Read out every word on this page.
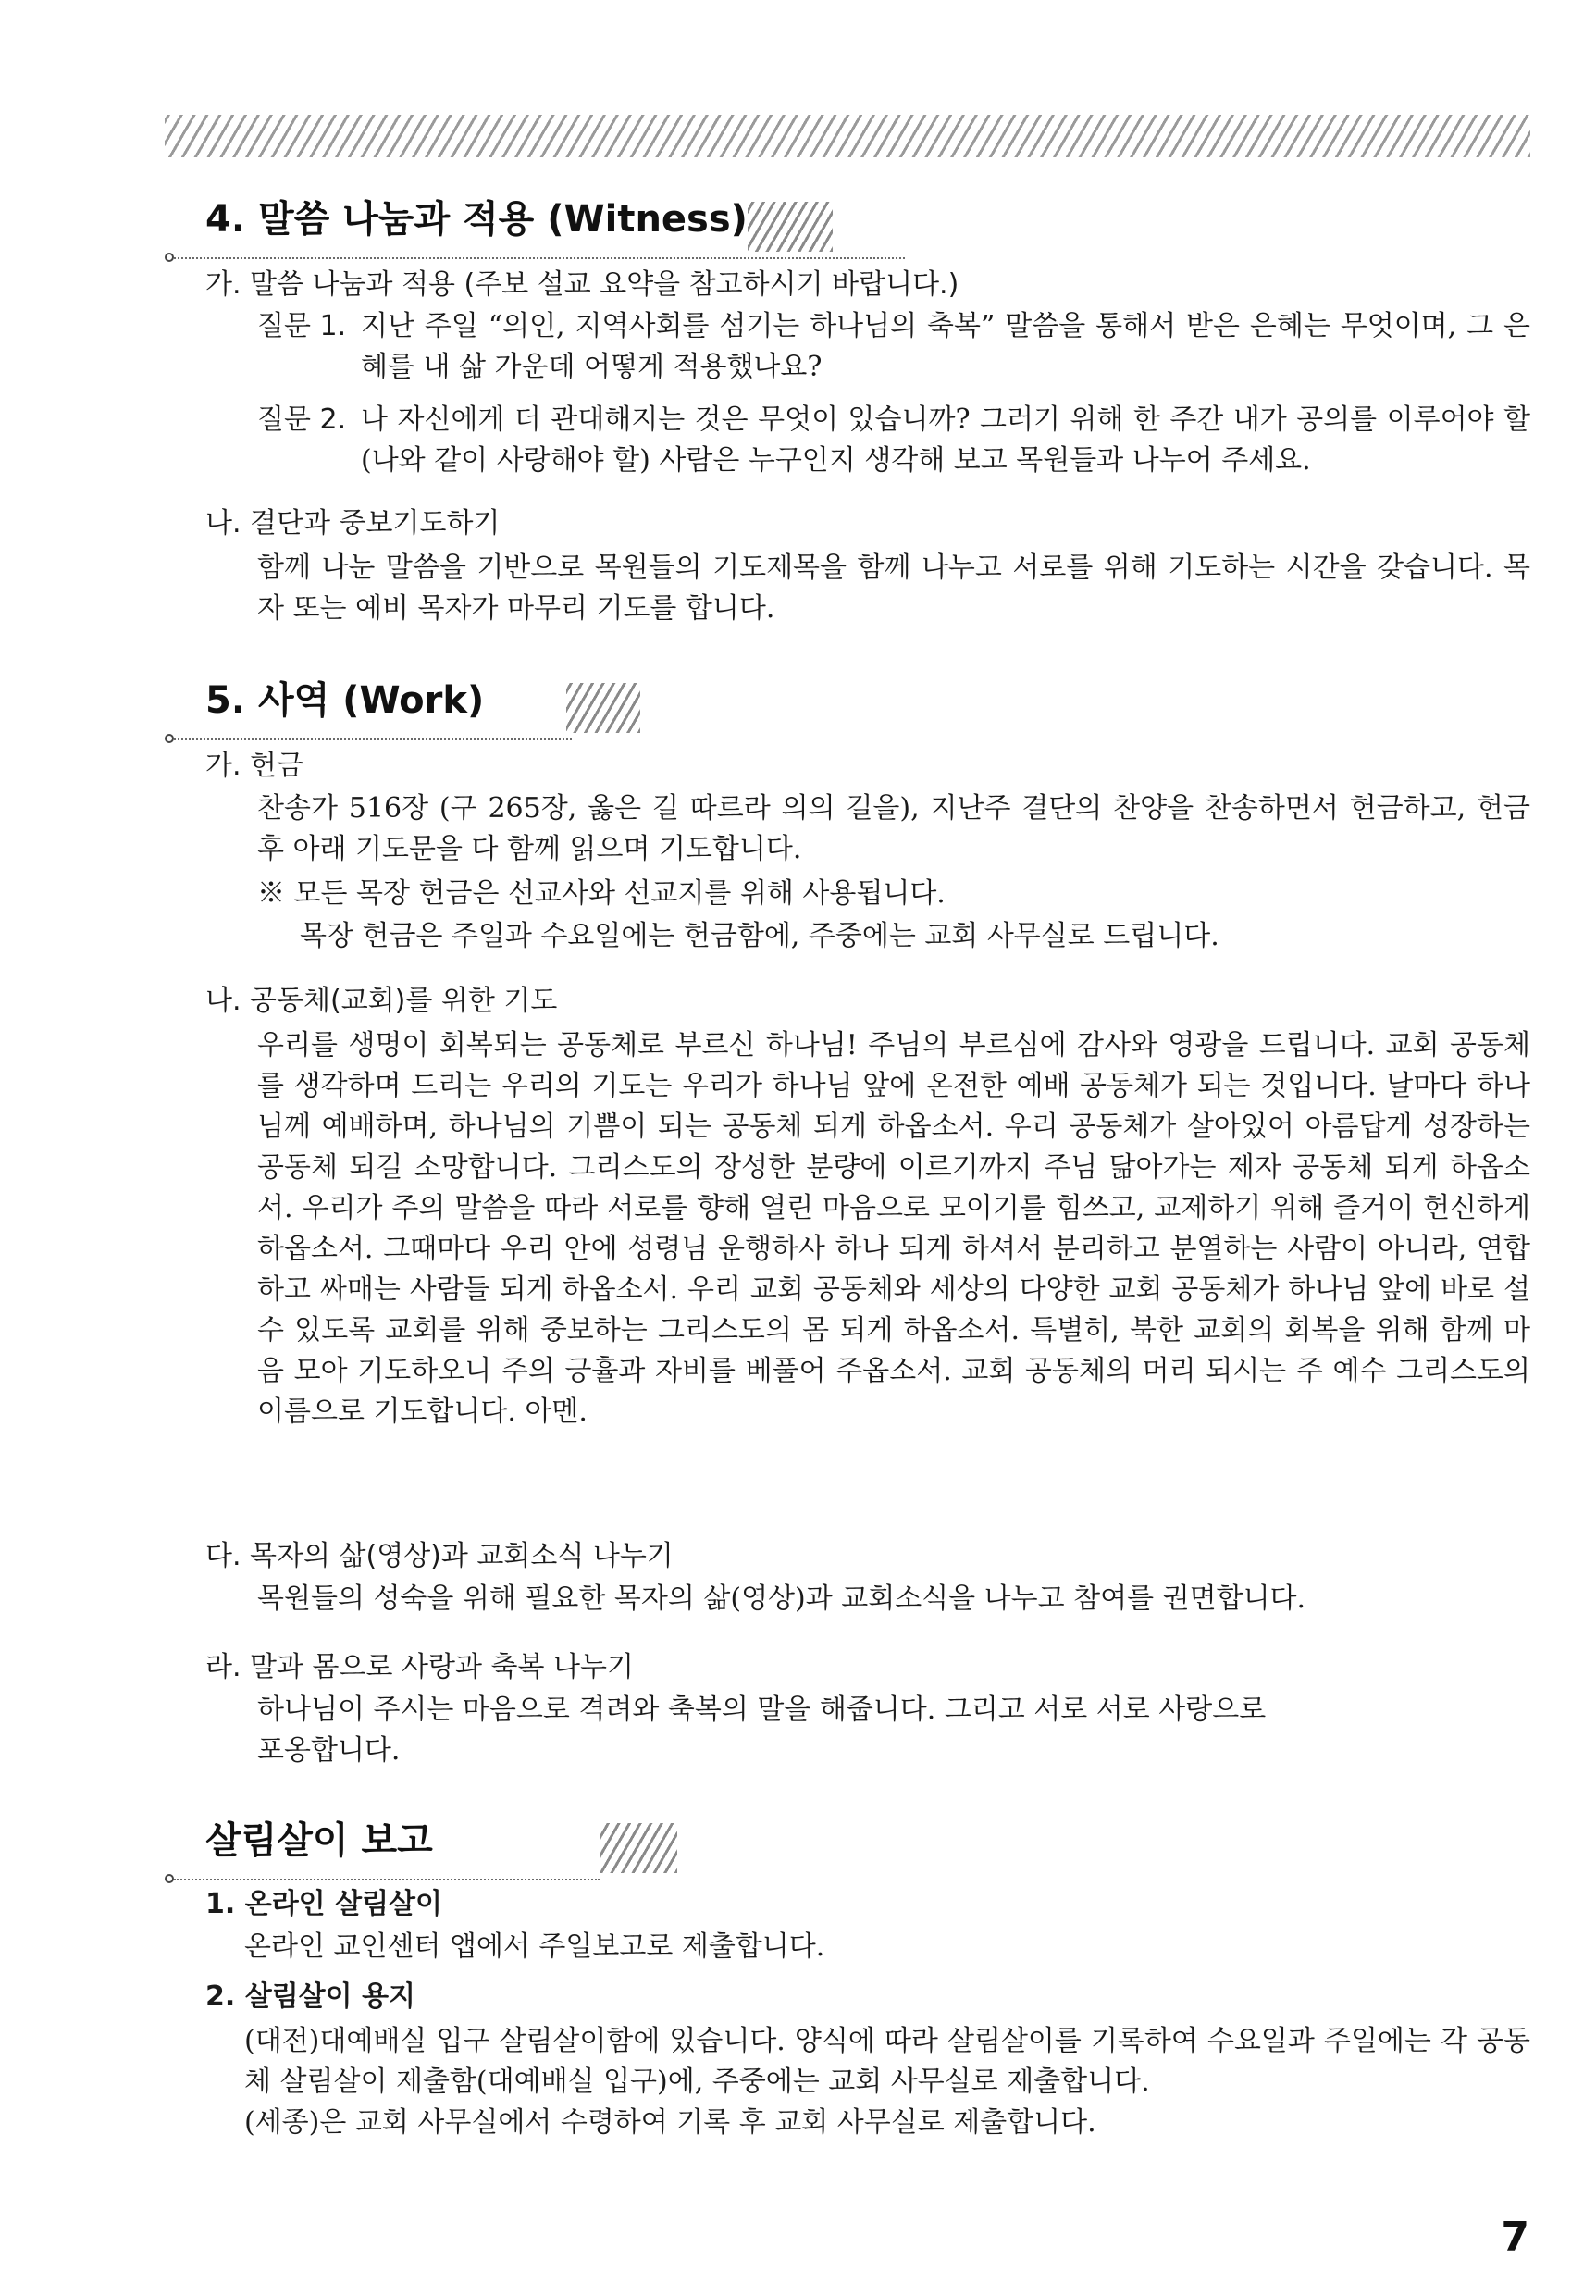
4. 말씀 나눔과 적용 (Witness)
가. 말씀 나눔과 적용 (주보 설교 요약을 참고하시기 바랍니다.)
질문 1. 지난 주일 “의인, 지역사회를 섬기는 하나님의 축복” 말씀을 통해서 받은 은혜는 무엇이며, 그 은혜를 내 삶 가운데 어떻게 적용했나요?
질문 2. 나 자신에게 더 관대해지는 것은 무엇이 있습니까? 그러기 위해 한 주간 내가 공의를 이루어야 할(나와 같이 사랑해야 할) 사람은 누구인지 생각해 보고 목원들과 나누어 주세요.
나. 결단과 중보기도하기
함께 나눈 말씀을 기반으로 목원들의 기도제목을 함께 나누고 서로를 위해 기도하는 시간을 갖습니다. 목자 또는 예비 목자가 마무리 기도를 합니다.
5. 사역 (Work)
가. 헌금
찬송가 516장 (구 265장, 옳은 길 따르라 의의 길을), 지난주 결단의 찬양을 찬송하면서 헌금하고, 헌금 후 아래 기도문을 다 함께 읽으며 기도합니다.
※ 모든 목장 헌금은 선교사와 선교지를 위해 사용됩니다.
목장 헌금은 주일과 수요일에는 헌금함에, 주중에는 교회 사무실로 드립니다.
나. 공동체(교회)를 위한 기도
우리를 생명이 회복되는 공동체로 부르신 하나님! 주님의 부르심에 감사와 영광을 드립니다. 교회 공동체를 생각하며 드리는 우리의 기도는 우리가 하나님 앞에 온전한 예배 공동체가 되는 것입니다. 날마다 하나님께 예배하며, 하나님의 기쁨이 되는 공동체 되게 하옵소서. 우리 공동체가 살아있어 아름답게 성장하는 공동체 되길 소망합니다. 그리스도의 장성한 분량에 이르기까지 주님 닮아가는 제자 공동체 되게 하옵소서. 우리가 주의 말씀을 따라 서로를 향해 열린 마음으로 모이기를 힘쓰고, 교제하기 위해 즐거이 헌신하게 하옵소서. 그때마다 우리 안에 성령님 운행하사 하나 되게 하셔서 분리하고 분열하는 사람이 아니라, 연합하고 싸매는 사람들 되게 하옵소서. 우리 교회 공동체와 세상의 다양한 교회 공동체가 하나님 앞에 바로 설 수 있도록 교회를 위해 중보하는 그리스도의 몸 되게 하옵소서. 특별히, 북한 교회의 회복을 위해 함께 마음 모아 기도하오니 주의 긍휼과 자비를 베풀어 주옵소서. 교회 공동체의 머리 되시는 주 예수 그리스도의 이름으로 기도합니다. 아멘.
다. 목자의 삶(영상)과 교회소식 나누기
목원들의 성숙을 위해 필요한 목자의 삶(영상)과 교회소식을 나누고 참여를 권면합니다.
라. 말과 몸으로 사랑과 축복 나누기
하나님이 주시는 마음으로 격려와 축복의 말을 해줍니다. 그리고 서로 서로 사랑으로
포옹합니다.
살림살이 보고
1. 온라인 살림살이
온라인 교인센터 앱에서 주일보고로 제출합니다.
2. 살림살이 용지
(대전)대예배실 입구 살림살이함에 있습니다. 양식에 따라 살림살이를 기록하여 수요일과 주일에는 각 공동체 살림살이 제출함(대예배실 입구)에, 주중에는 교회 사무실로 제출합니다.
(세종)은 교회 사무실에서 수령하여 기록 후 교회 사무실로 제출합니다.
7
